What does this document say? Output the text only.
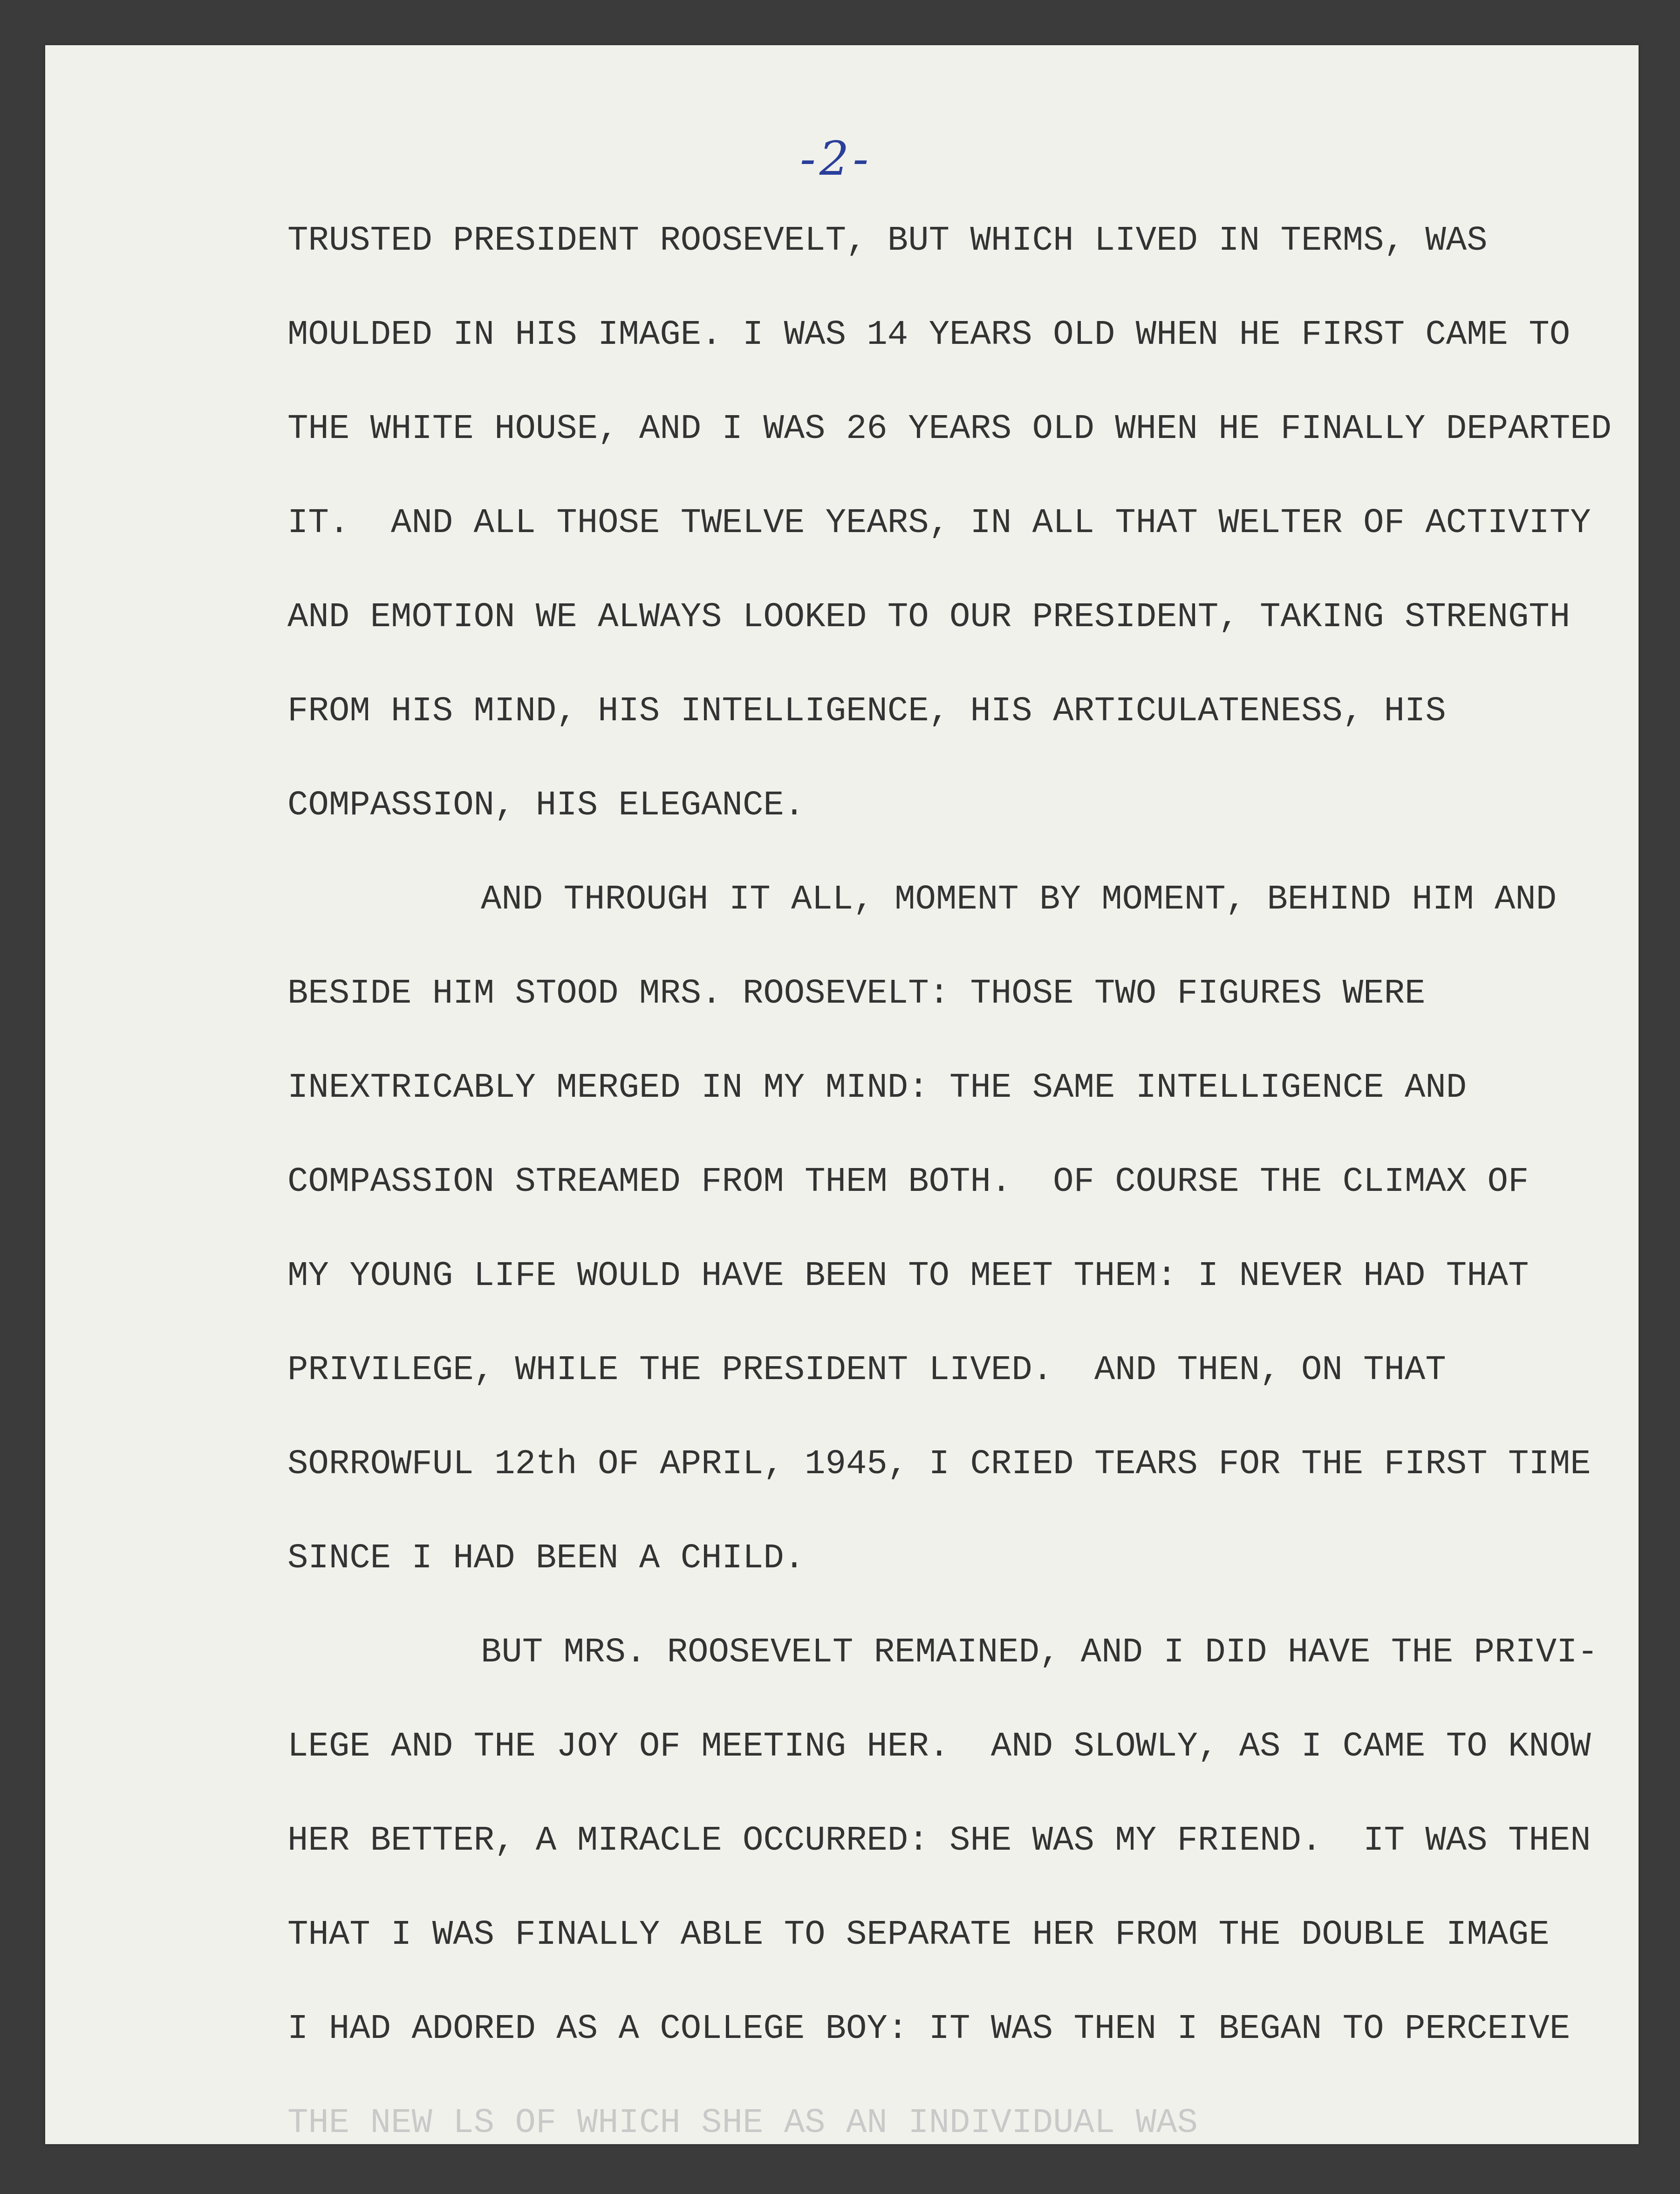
-2-
TRUSTED PRESIDENT ROOSEVELT, BUT WHICH LIVED IN TERMS, WAS
MOULDED IN HIS IMAGE. I WAS 14 YEARS OLD WHEN HE FIRST CAME TO
THE WHITE HOUSE, AND I WAS 26 YEARS OLD WHEN HE FINALLY DEPARTED
IT.  AND ALL THOSE TWELVE YEARS, IN ALL THAT WELTER OF ACTIVITY
AND EMOTION WE ALWAYS LOOKED TO OUR PRESIDENT, TAKING STRENGTH
FROM HIS MIND, HIS INTELLIGENCE, HIS ARTICULATENESS, HIS
COMPASSION, HIS ELEGANCE.
AND THROUGH IT ALL, MOMENT BY MOMENT, BEHIND HIM AND
BESIDE HIM STOOD MRS. ROOSEVELT: THOSE TWO FIGURES WERE
INEXTRICABLY MERGED IN MY MIND: THE SAME INTELLIGENCE AND
COMPASSION STREAMED FROM THEM BOTH.  OF COURSE THE CLIMAX OF
MY YOUNG LIFE WOULD HAVE BEEN TO MEET THEM: I NEVER HAD THAT
PRIVILEGE, WHILE THE PRESIDENT LIVED.  AND THEN, ON THAT
SORROWFUL 12th OF APRIL, 1945, I CRIED TEARS FOR THE FIRST TIME
SINCE I HAD BEEN A CHILD.
BUT MRS. ROOSEVELT REMAINED, AND I DID HAVE THE PRIVI-
LEGE AND THE JOY OF MEETING HER.  AND SLOWLY, AS I CAME TO KNOW
HER BETTER, A MIRACLE OCCURRED: SHE WAS MY FRIEND.  IT WAS THEN
THAT I WAS FINALLY ABLE TO SEPARATE HER FROM THE DOUBLE IMAGE
I HAD ADORED AS A COLLEGE BOY: IT WAS THEN I BEGAN TO PERCEIVE
THE NEW LS OF WHICH SHE AS AN INDIVIDUAL WAS
